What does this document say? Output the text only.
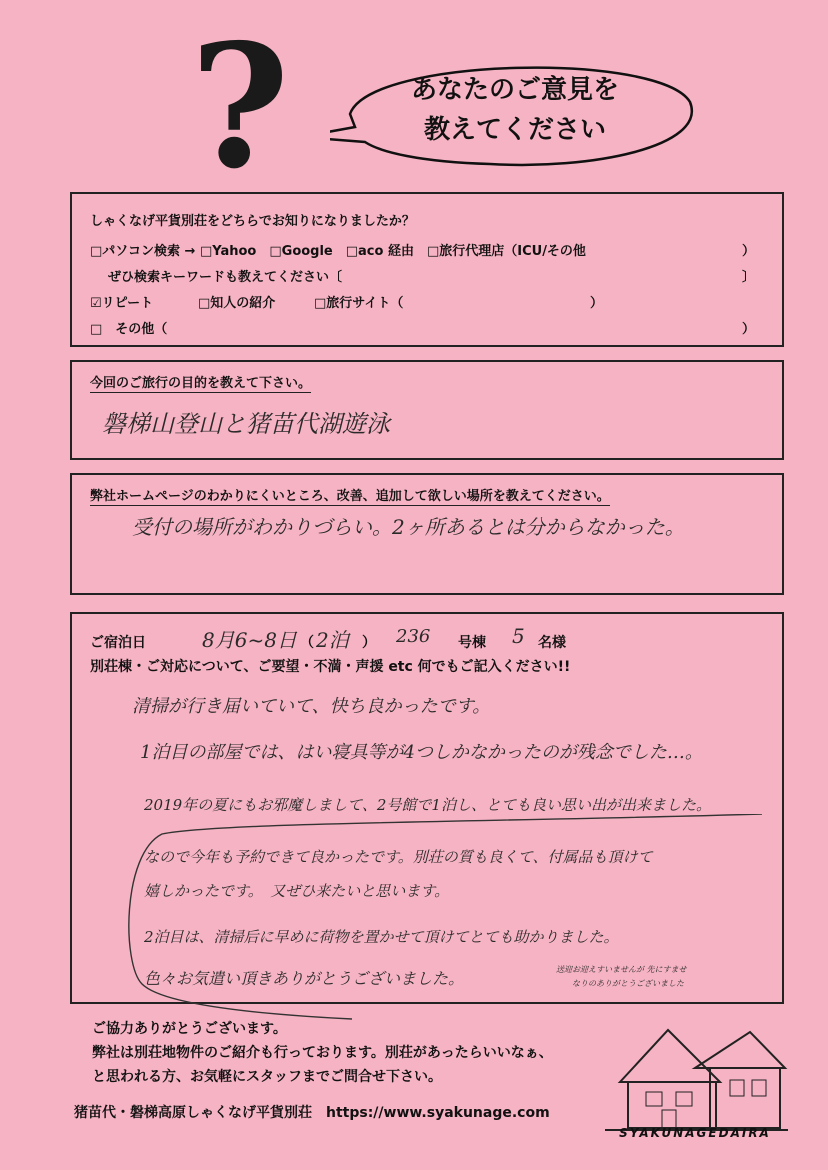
?	あなたのご意見を
教えてください
しゃくなげ平貨別荘をどちらでお知りになりましたか？
□パソコン検索 → □Yahoo　□Google　□aco 経由　□旅行代理店（ICU/その他	）
ぜひ検索キーワードも教えてください〔	〕
☑リピート	□知人の紹介	□旅行サイト（	）
□　その他（	）
今回のご旅行の目的を教えて下さい。
磐梯山登山と猪苗代湖遊泳
弊社ホームページのわかりにくいところ、改善、追加して欲しい場所を教えてください。
受付の場所がわかりづらい。2ヶ所あるとは分からなかった。
ご宿泊日	8月6~8日 （ 2泊 ） 236 号棟 5 名様
別荘棟・ご対応について、ご要望・不満・声援 etc 何でもご記入ください!!
清掃が行き届いていて、快ち良かったです。
1泊目の部屋では、はい寝具等が4つしかなかったのが残念でした…。
2019年の夏にもお邪魔しまして、2号館で1泊し、とても良い思い出が出来ました。
なので今年も予約できて良かったです。別荘の質も良くて、付属品も頂けて
嬉しかったです。　又ぜひ来たいと思います。
2泊目は、清掃后に早めに荷物を置かせて頂けてとても助かりました。
色々お気遣い頂きありがとうございました。	送迎お迎えすいませんが 先にすませ
なりのありがとうございました
ご協力ありがとうございます。
弊社は別荘地物件のご紹介も行っております。別荘があったらいいなぁ、
と思われる方、お気軽にスタッフまでご問合せ下さい。
猪苗代・磐梯高原しゃくなげ平貨別荘　https://www.syakunage.com
SYAKUNAGEDAIRA
